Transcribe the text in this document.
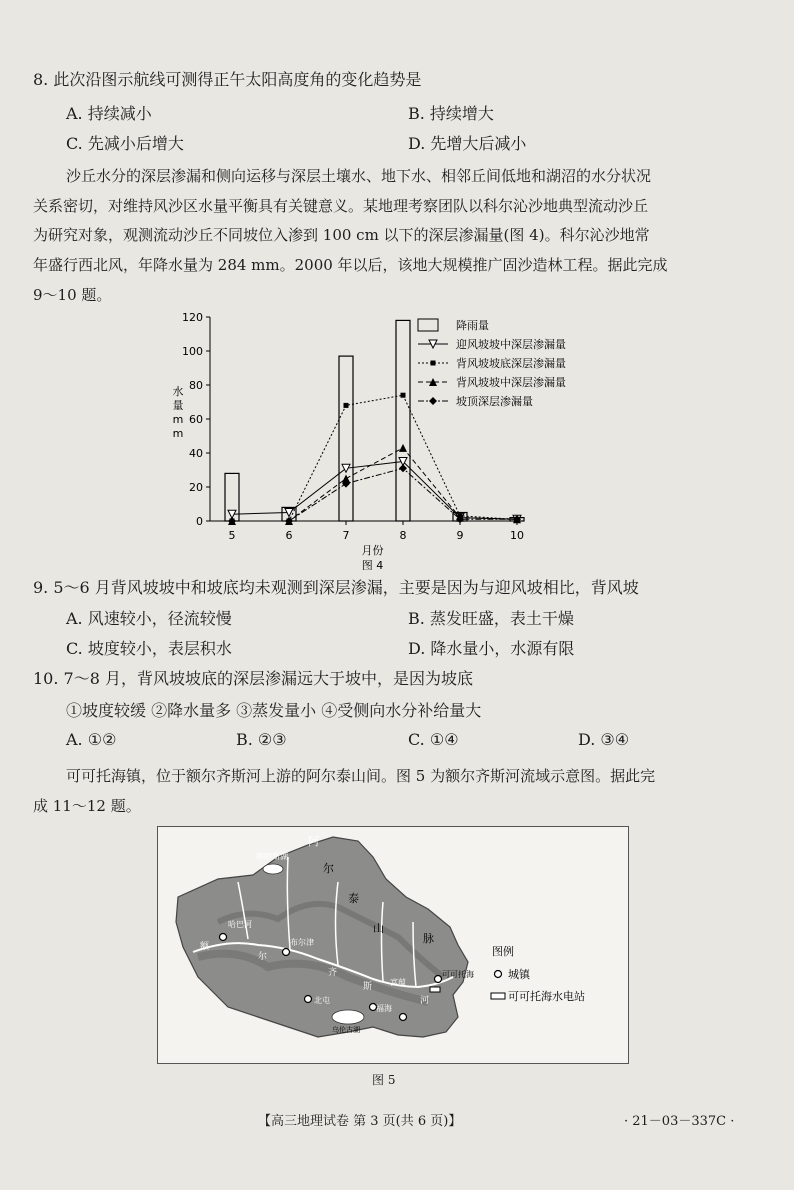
8. 此次沿图示航线可测得正午太阳高度角的变化趋势是
A. 持续减小	B. 持续增大
C. 先减小后增大	D. 先增大后减小
沙丘水分的深层渗漏和侧向运移与深层土壤水、地下水、相邻丘间低地和湖沼的水分状况
关系密切，对维持风沙区水量平衡具有关键意义。某地理考察团队以科尔沁沙地典型流动沙丘
为研究对象，观测流动沙丘不同坡位入渗到 100 cm 以下的深层渗漏量(图 4)。科尔沁沙地常
年盛行西北风，年降水量为 284 mm。2000 年以后，该地大规模推广固沙造林工程。据此完成
9～10 题。
0
20
40
60
80
100
120
5	6	7	8	9	10
月份
水
量
m
m
图 4
降雨量
迎风坡坡中深层渗漏量
背风坡坡底深层渗漏量
背风坡坡中深层渗漏量
坡顶深层渗漏量
9. 5～6 月背风坡坡中和坡底均未观测到深层渗漏，主要是因为与迎风坡相比，背风坡
A. 风速较小，径流较慢	B. 蒸发旺盛，表土干燥
C. 坡度较小，表层积水	D. 降水量小，水源有限
10. 7～8 月，背风坡坡底的深层渗漏远大于坡中，是因为坡底
①坡度较缓 ②降水量多 ③蒸发量小 ④受侧向水分补给量大
A. ①②	B. ②③	C. ①④	D. ③④
可可托海镇，位于额尔齐斯河上游的阿尔泰山间。图 5 为额尔齐斯河流域示意图。据此完
成 11～12 题。
阿
尔
泰
山
脉
喀纳斯湖
哈巴河
布尔津
北屯
福海
可可托海
富蕴
额
尔
齐
斯
河
乌伦古湖
图例
城镇
可可托海水电站
图 5
【高三地理试卷 第 3 页(共 6 页)】	· 21－03－337C ·
